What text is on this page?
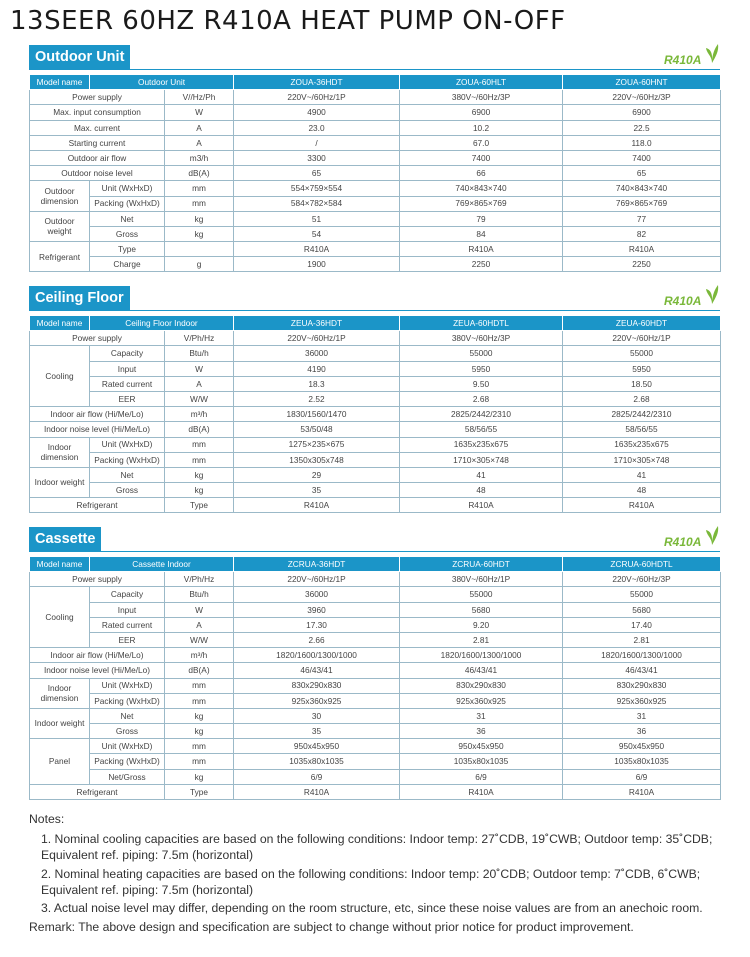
13SEER 60HZ R410A HEAT PUMP ON-OFF
Outdoor Unit	R410A
Model name	Outdoor Unit		ZOUA-36HDT	ZOUA-60HLT	ZOUA-60HNT
Power supply		V//Hz/Ph	220V~/60Hz/1P	380V~/60Hz/3P	220V~/60Hz/3P
Max. input consumption		W	4900	6900	6900
Max. current		A	23.0	10.2	22.5
Starting current		A	/	67.0	118.0
Outdoor air flow		m3/h	3300	7400	7400
Outdoor noise level		dB(A)	65	66	65
Outdoor dimension	Unit (WxHxD)	mm	554×759×554	740×843×740	740×843×740
	Packing (WxHxD)	mm	584×782×584	769×865×769	769×865×769
Outdoor weight	Net	kg	51	79	77
	Gross	kg	54	84	82
Refrigerant	Type		R410A	R410A	R410A
	Charge	g	1900	2250	2250
Ceiling Floor	R410A
Model name	Ceiling Floor Indoor		ZEUA-36HDT	ZEUA-60HDTL	ZEUA-60HDT
Power supply		V/Ph/Hz	220V~/60Hz/1P	380V~/60Hz/3P	220V~/60Hz/1P
Cooling	Capacity	Btu/h	36000	55000	55000
	Input	W	4190	5950	5950
	Rated current	A	18.3	9.50	18.50
	EER	W/W	2.52	2.68	2.68
Indoor air flow (Hi/Me/Lo)		m³/h	1830/1560/1470	2825/2442/2310	2825/2442/2310
Indoor noise level (Hi/Me/Lo)		dB(A)	53/50/48	58/56/55	58/56/55
Indoor dimension	Unit (WxHxD)	mm	1275×235×675	1635x235x675	1635x235x675
	Packing (WxHxD)	mm	1350x305x748	1710×305×748	1710×305×748
Indoor weight	Net	kg	29	41	41
	Gross	kg	35	48	48
Refrigerant		Type	R410A	R410A	R410A
Cassette	R410A
Model name	Cassette Indoor		ZCRUA-36HDT	ZCRUA-60HDT	ZCRUA-60HDTL
Power supply		V/Ph/Hz	220V~/60Hz/1P	380V~/60Hz/1P	220V~/60Hz/3P
Cooling	Capacity	Btu/h	36000	55000	55000
	Input	W	3960	5680	5680
	Rated current	A	17.30	9.20	17.40
	EER	W/W	2.66	2.81	2.81
Indoor air flow (Hi/Me/Lo)		m³/h	1820/1600/1300/1000	1820/1600/1300/1000	1820/1600/1300/1000
Indoor noise level (Hi/Me/Lo)		dB(A)	46/43/41	46/43/41	46/43/41
Indoor dimension	Unit (WxHxD)	mm	830x290x830	830x290x830	830x290x830
	Packing (WxHxD)	mm	925x360x925	925x360x925	925x360x925
Indoor weight	Net	kg	30	31	31
	Gross	kg	35	36	36
Panel	Unit (WxHxD)	mm	950x45x950	950x45x950	950x45x950
	Packing (WxHxD)	mm	1035x80x1035	1035x80x1035	1035x80x1035
	Net/Gross	kg	6/9	6/9	6/9
Refrigerant		Type	R410A	R410A	R410A
Notes:
1. Nominal cooling capacities are based on the following conditions: Indoor temp: 27˚CDB, 19˚CWB; Outdoor temp: 35˚CDB; Equivalent ref. piping: 7.5m (horizontal)
2. Nominal heating capacities are based on the following conditions: Indoor temp: 20˚CDB; Outdoor temp: 7˚CDB, 6˚CWB; Equivalent ref. piping: 7.5m (horizontal)
3. Actual noise level may differ, depending on the room structure, etc, since these noise values are from an anechoic room.
Remark: The above design and specification are subject to change without prior notice for product improvement.
